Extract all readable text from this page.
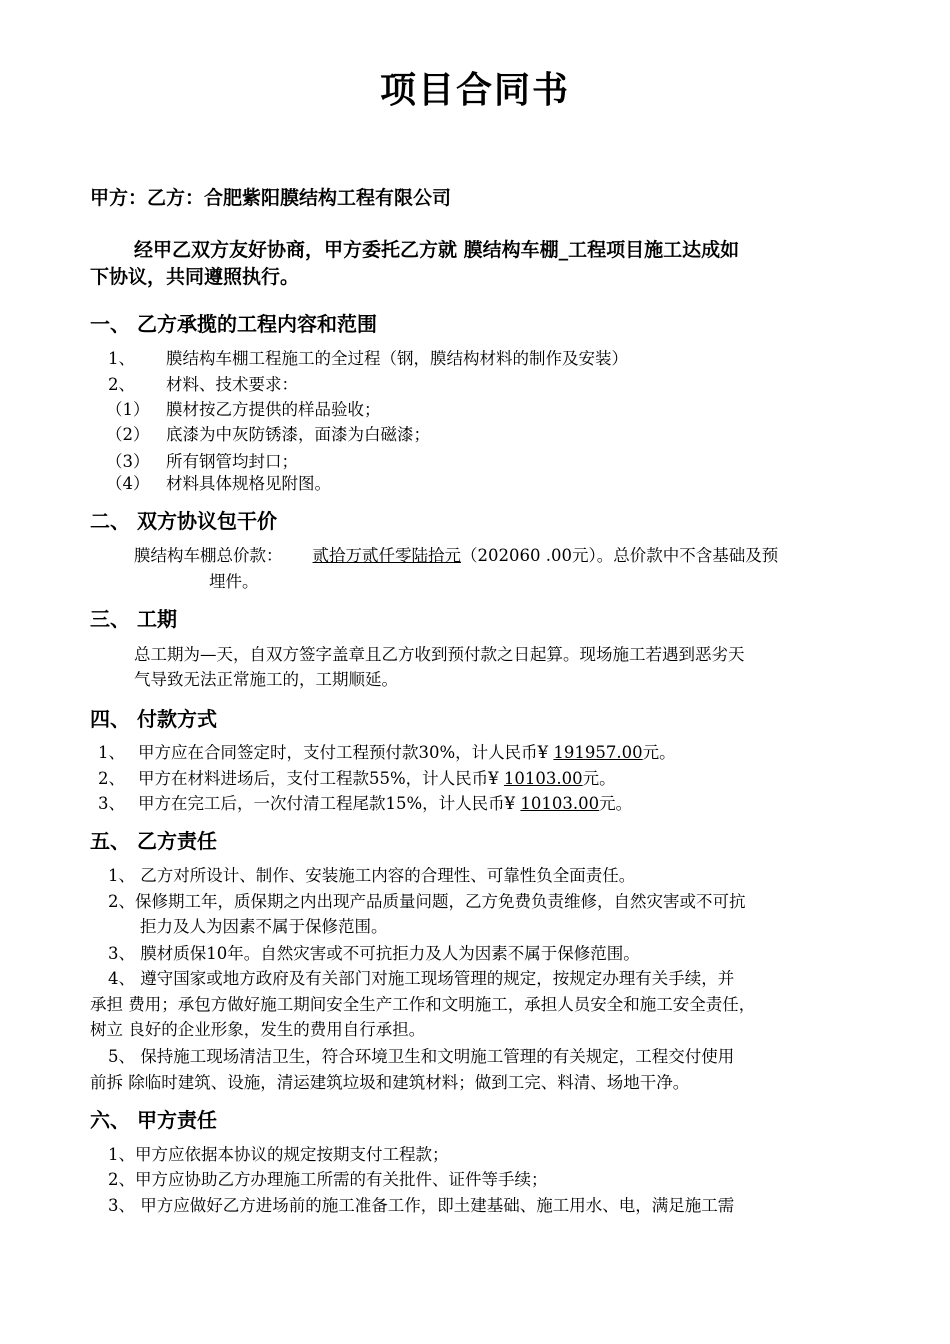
项目合同书
甲方：乙方：合肥紫阳膜结构工程有限公司
经甲乙双方友好协商，甲方委托乙方就 膜结构车棚_工程项目施工达成如
下协议，共同遵照执行。
一、 乙方承揽的工程内容和范围
1、 膜结构车棚工程施工的全过程（钢，膜结构材料的制作及安装）
2、 材料、技术要求：
（1） 膜材按乙方提供的样品验收；
（2） 底漆为中灰防锈漆，面漆为白磁漆；
（3） 所有钢管均封口；
（4） 材料具体规格见附图。
二、 双方协议包干价
膜结构车棚总价款： 贰拾万贰仟零陆拾元（202060 .00元）。总价款中不含基础及预
埋件。
三、 工期
总工期为—天，自双方签字盖章且乙方收到预付款之日起算。现场施工若遇到恶劣天
气导致无法正常施工的，工期顺延。
四、 付款方式
1、 甲方应在合同签定时，支付工程预付款30%，计人民币¥ 191957.00元。
2、 甲方在材料进场后，支付工程款55%，计人民币¥ 10103.00元。
3、 甲方在完工后，一次付清工程尾款15%，计人民币¥ 10103.00元。
五、 乙方责任
1、 乙方对所设计、制作、安装施工内容的合理性、可靠性负全面责任。
2、保修期工年，质保期之内出现产品质量问题，乙方免费负责维修，自然灾害或不可抗
拒力及人为因素不属于保修范围。
3、 膜材质保10年。自然灾害或不可抗拒力及人为因素不属于保修范围。
4、 遵守国家或地方政府及有关部门对施工现场管理的规定，按规定办理有关手续，并
承担 费用；承包方做好施工期间安全生产工作和文明施工，承担人员安全和施工安全责任，
树立 良好的企业形象，发生的费用自行承担。
5、 保持施工现场清洁卫生，符合环境卫生和文明施工管理的有关规定，工程交付使用
前拆 除临时建筑、设施，清运建筑垃圾和建筑材料；做到工完、料清、场地干净。
六、 甲方责任
1、甲方应依据本协议的规定按期支付工程款；
2、甲方应协助乙方办理施工所需的有关批件、证件等手续；
3、 甲方应做好乙方进场前的施工准备工作，即土建基础、施工用水、电，满足施工需
